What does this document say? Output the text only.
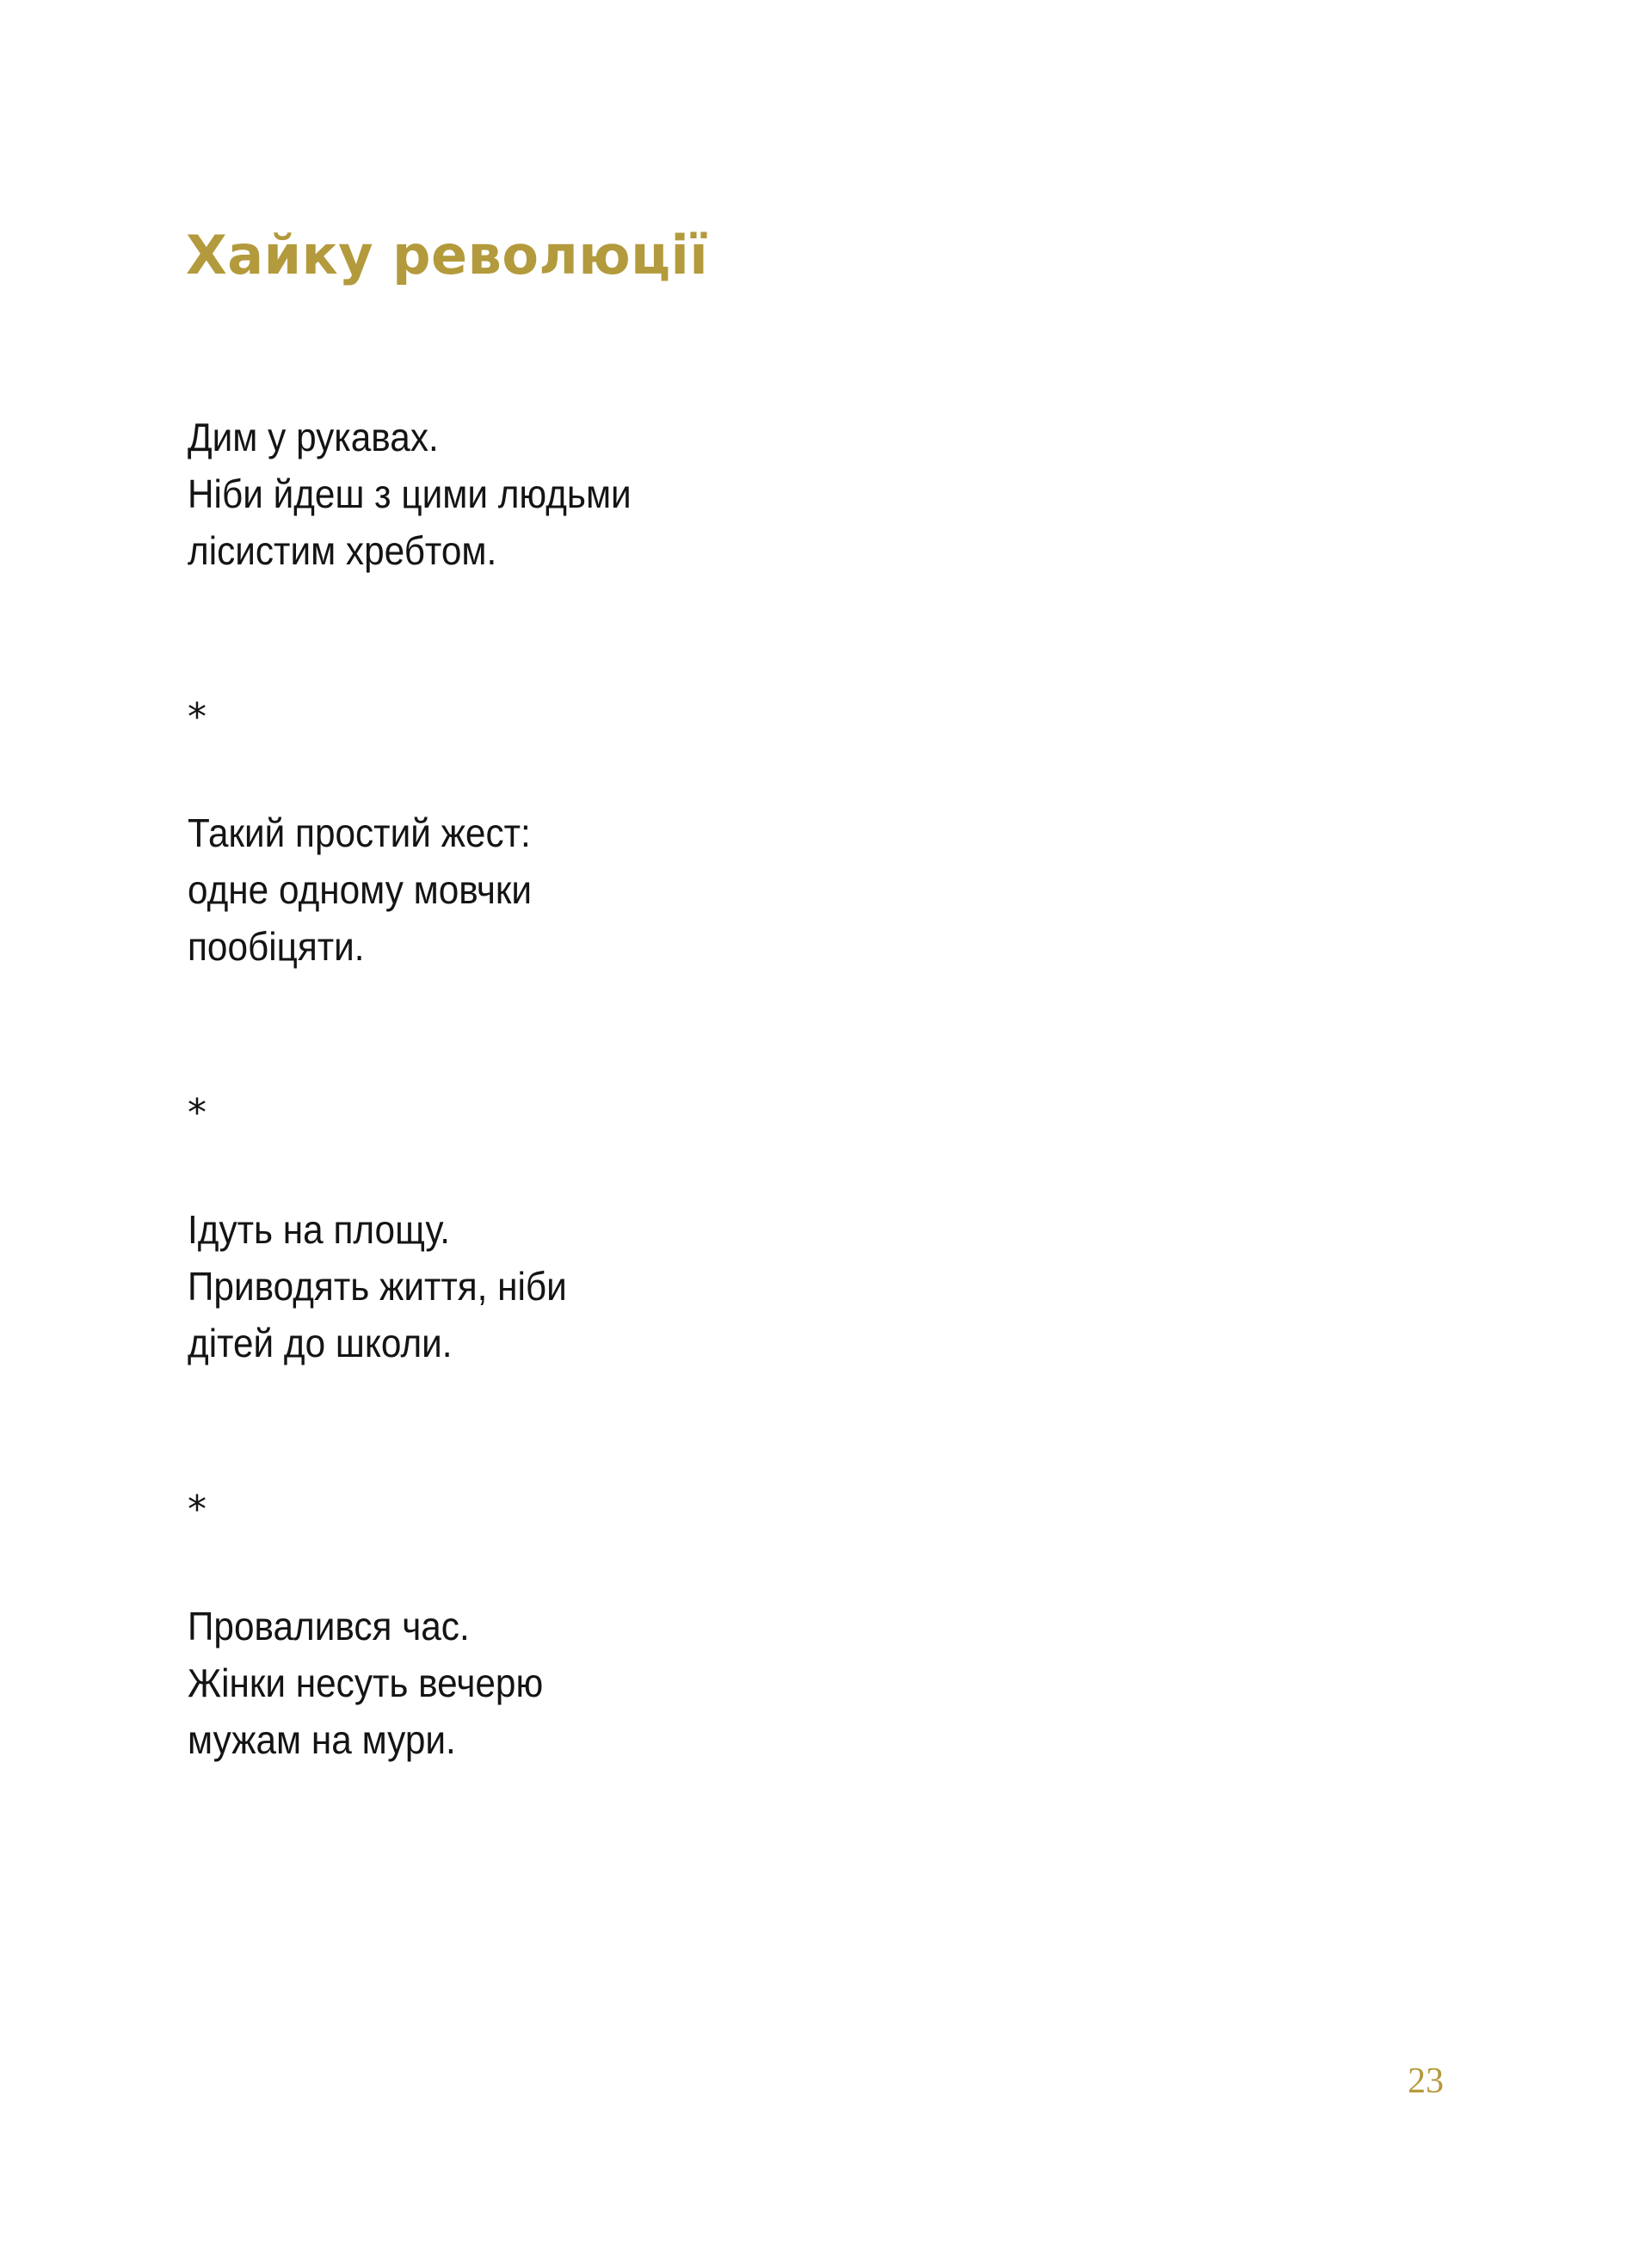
Хайку революції
Дим у рукавах.
Ніби йдеш з цими людьми
лісистим хребтом.
*
Такий простий жест:
одне одному мовчки
пообіцяти.
*
Ідуть на площу.
Приводять життя, ніби
дітей до школи.
*
Провалився час.
Жінки несуть вечерю
мужам на мури.
23
